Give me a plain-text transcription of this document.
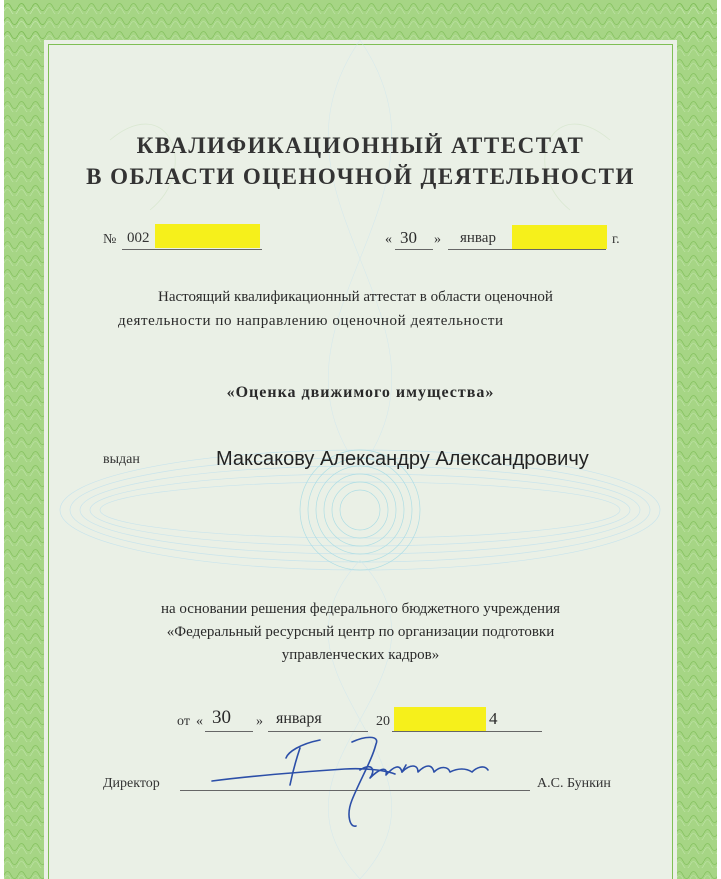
КВАЛИФИКАЦИОННЫЙ АТТЕСТАТ
В ОБЛАСТИ ОЦЕНОЧНОЙ ДЕЯТЕЛЬНОСТИ
№ 002	« 30 » январ	г.
Настоящий квалификационный аттестат в области оценочной
деятельности по направлению оценочной деятельности
«Оценка движимого имущества»
выдан	Максакову Александру Александровичу
на основании решения федерального бюджетного учреждения
«Федеральный ресурсный центр по организации подготовки
управленческих кадров»
от « 30 » января	20	4
Директор	А.С. Бункин
